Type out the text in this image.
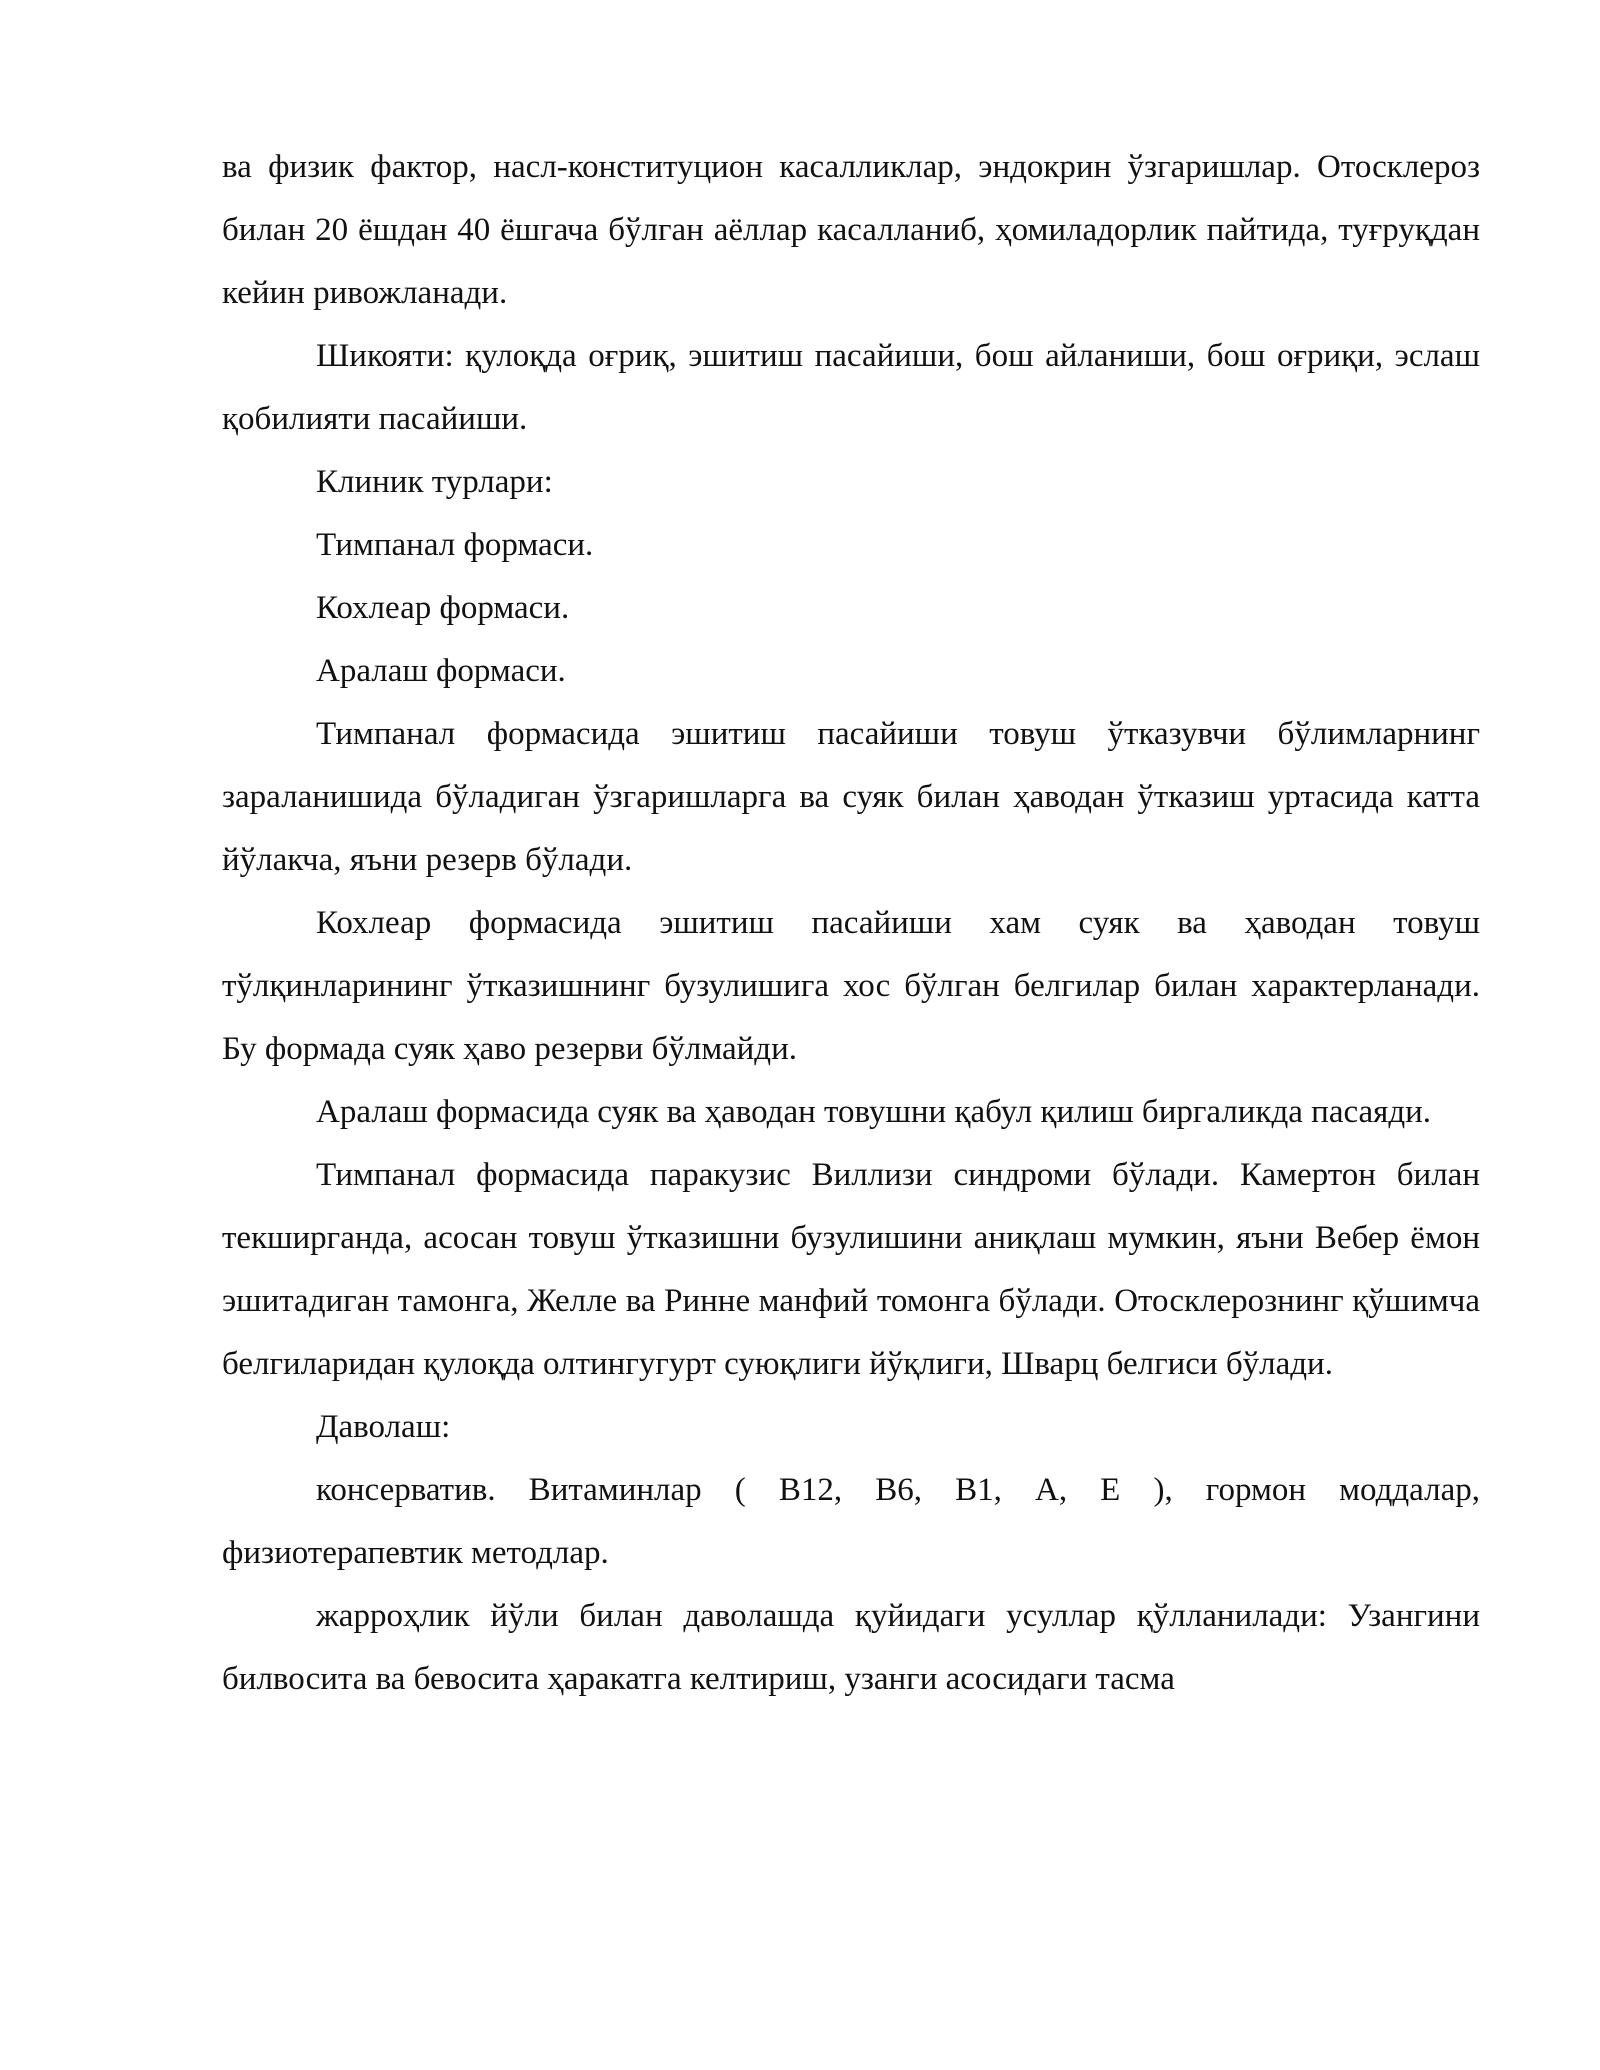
ва физик фактор, насл-конституцион касалликлар, эндокрин ўзгаришлар. Отосклероз билан 20 ёшдан 40 ёшгача бўлган аёллар касалланиб, ҳомиладорлик пайтида, туғруқдан кейин ривожланади.

Шикояти: қулоқда оғриқ, эшитиш пасайиши, бош айланиши, бош оғриқи, эслаш қобилияти пасайиши.

Клиник турлари:

Тимпанал формаси.

Кохлеар формаси.

Аралаш формаси.

Тимпанал формасида эшитиш пасайиши товуш ўтказувчи бўлимларнинг зараланишида бўладиган ўзгаришларга ва суяк билан ҳаводан ўтказиш уртасида катта йўлакча, яъни резерв бўлади.

Кохлеар формасида эшитиш пасайиши хам суяк ва ҳаводан товуш тўлқинларининг ўтказишнинг бузулишига хос бўлган белгилар билан характерланади. Бу формада суяк ҳаво резерви бўлмайди.

Аралаш формасида суяк ва ҳаводан товушни қабул қилиш биргаликда пасаяди.

Тимпанал формасида паракузис Виллизи синдроми бўлади. Камертон билан текширганда, асосан товуш ўтказишни бузулишини аниқлаш мумкин, яъни Вебер ёмон эшитадиган тамонга, Желле ва Ринне манфий томонга бўлади. Отосклерознинг қўшимча белгиларидан қулоқда олтингугурт суюқлиги йўқлиги, Шварц белгиси бўлади.

Даволаш:

консерватив. Витаминлар ( В12, В6, В1, А, Е ), гормон моддалар, физиотерапевтик методлар.

жарроҳлик йўли билан даволашда қуйидаги усуллар қўлланилади: Узангини билвосита ва бевосита ҳаракатга келтириш, узанги асосидаги тасма
